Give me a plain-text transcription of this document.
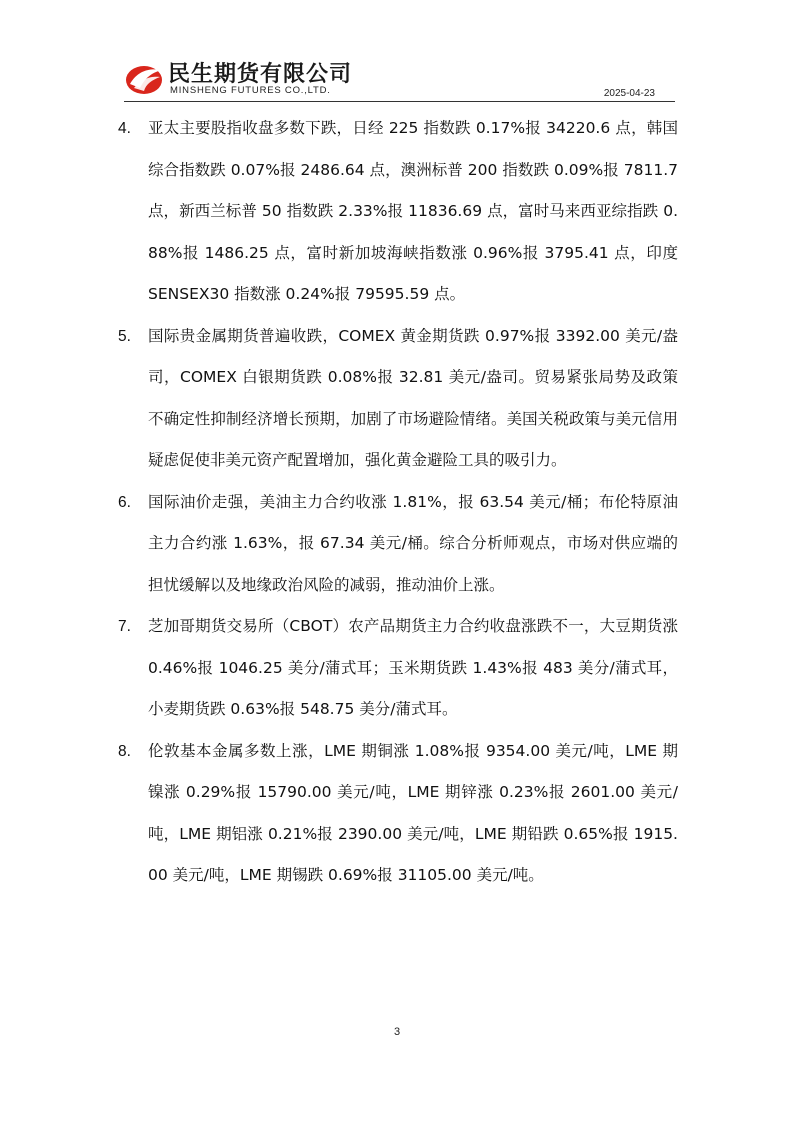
民生期货有限公司
MINSHENG FUTURES CO.,LTD.	2025-04-23
4.	亚太主要股指收盘多数下跌，日经 225 指数跌 0.17%报 34220.6 点，韩国综合指数跌 0.07%报 2486.64 点，澳洲标普 200 指数跌 0.09%报 7811.7 点，新西兰标普 50 指数跌 2.33%报 11836.69 点，富时马来西亚综指跌 0.88%报 1486.25 点，富时新加坡海峡指数涨 0.96%报 3795.41 点，印度 SENSEX30 指数涨 0.24%报 79595.59 点。
5.	国际贵金属期货普遍收跌，COMEX 黄金期货跌 0.97%报 3392.00 美元/盎司，COMEX 白银期货跌 0.08%报 32.81 美元/盎司。贸易紧张局势及政策不确定性抑制经济增长预期，加剧了市场避险情绪。美国关税政策与美元信用疑虑促使非美元资产配置增加，强化黄金避险工具的吸引力。
6.	国际油价走强，美油主力合约收涨 1.81%，报 63.54 美元/桶；布伦特原油主力合约涨 1.63%，报 67.34 美元/桶。综合分析师观点，市场对供应端的担忧缓解以及地缘政治风险的减弱，推动油价上涨。
7.	芝加哥期货交易所（CBOT）农产品期货主力合约收盘涨跌不一，大豆期货涨 0.46%报 1046.25 美分/蒲式耳；玉米期货跌 1.43%报 483 美分/蒲式耳，小麦期货跌 0.63%报 548.75 美分/蒲式耳。
8.	伦敦基本金属多数上涨，LME 期铜涨 1.08%报 9354.00 美元/吨，LME 期镍涨 0.29%报 15790.00 美元/吨，LME 期锌涨 0.23%报 2601.00 美元/吨，LME 期铝涨 0.21%报 2390.00 美元/吨，LME 期铅跌 0.65%报 1915.00 美元/吨，LME 期锡跌 0.69%报 31105.00 美元/吨。
3
